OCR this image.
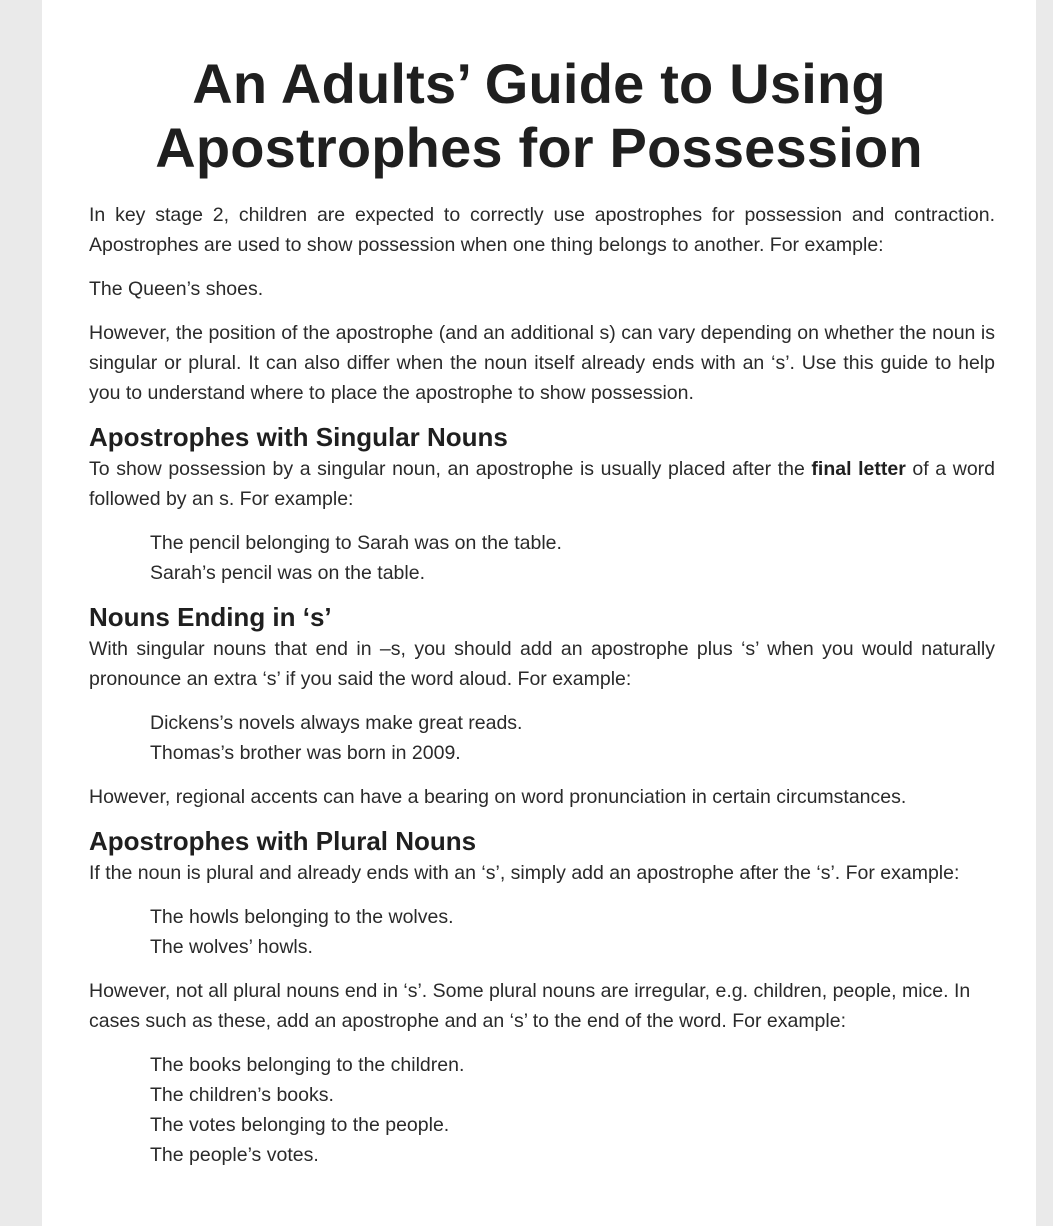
An Adults’ Guide to Using
Apostrophes for Possession

In key stage 2, children are expected to correctly use apostrophes for possession and contraction. Apostrophes are used to show possession when one thing belongs to another. For example:

The Queen’s shoes.

However, the position of the apostrophe (and an additional s) can vary depending on whether the noun is singular or plural. It can also differ when the noun itself already ends with an ‘s’. Use this guide to help you to understand where to place the apostrophe to show possession.

Apostrophes with Singular Nouns

To show possession by a singular noun, an apostrophe is usually placed after the final letter of a word followed by an s. For example:

The pencil belonging to Sarah was on the table.
Sarah’s pencil was on the table.
Nouns Ending in ‘s’

With singular nouns that end in –s, you should add an apostrophe plus ‘s’ when you would naturally pronounce an extra ‘s’ if you said the word aloud. For example:

Dickens’s novels always make great reads.
Thomas’s brother was born in 2009.

However, regional accents can have a bearing on word pronunciation in certain circumstances.

Apostrophes with Plural Nouns

If the noun is plural and already ends with an ‘s’, simply add an apostrophe after the ‘s’. For example:

The howls belonging to the wolves.
The wolves’ howls.

However, not all plural nouns end in ‘s’. Some plural nouns are irregular, e.g. children, people, mice. In cases such as these, add an apostrophe and an ‘s’ to the end of the word. For example:

The books belonging to the children.
The children’s books.
The votes belonging to the people.
The people’s votes.
